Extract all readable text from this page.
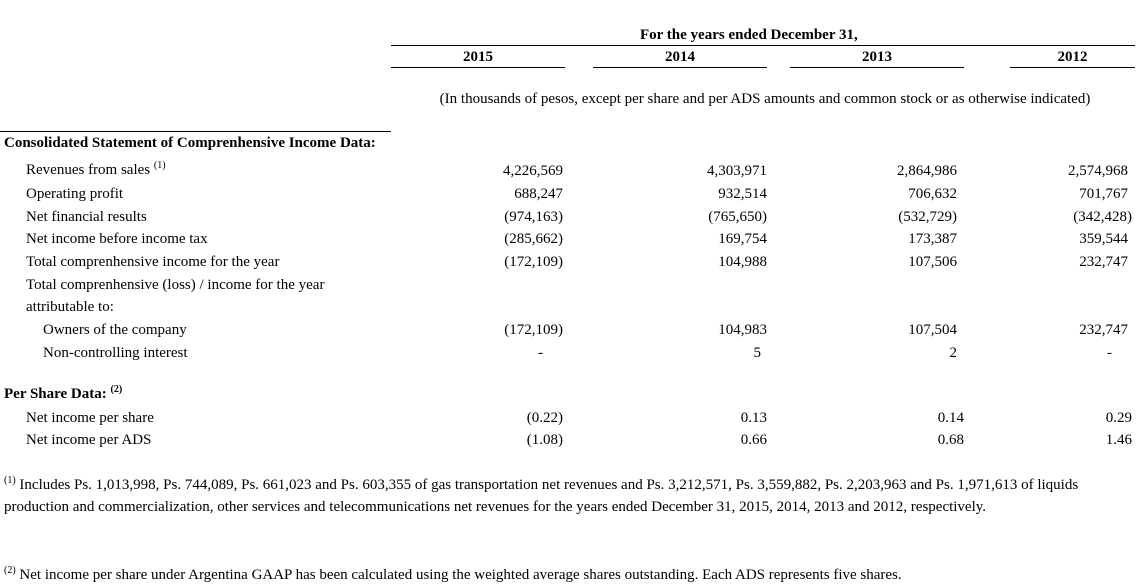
For the years ended December 31,
2015	2014	2013	2012
(In thousands of pesos, except per share and per ADS amounts and common stock or as otherwise indicated)
Consolidated Statement of Comprenhensive Income Data:
Revenues from sales $^{(1)}$	4,226,569	4,303,971	2,864,986	2,574,968
Operating profit	688,247	932,514	706,632	701,767
Net financial results	(974,163)	(765,650)	(532,729)	(342,428)
Net income before income tax	(285,662)	169,754	173,387	359,544
Total comprenhensive income for the year	(172,109)	104,988	107,506	232,747
Total comprenhensive (loss) / income for the year
attributable to:
Owners of the company	(172,109)	104,983	107,504	232,747
Non-controlling interest	-	5	2	-
Per Share Data: $^{(2)}$
Net income per share	(0.22)	0.13	0.14	0.29
Net income per ADS	(1.08)	0.66	0.68	1.46
$^{(1)}$ Includes Ps. 1,013,998, Ps. 744,089, Ps. 661,023 and Ps. 603,355 of gas transportation net revenues and Ps. 3,212,571, Ps. 3,559,882, Ps. 2,203,963 and Ps. 1,971,613 of liquids production and commercialization, other services and telecommunications net revenues for the years ended December 31, 2015, 2014, 2013 and 2012, respectively.
$^{(2)}$ Net income per share under Argentina GAAP has been calculated using the weighted average shares outstanding. Each ADS represents five shares.
